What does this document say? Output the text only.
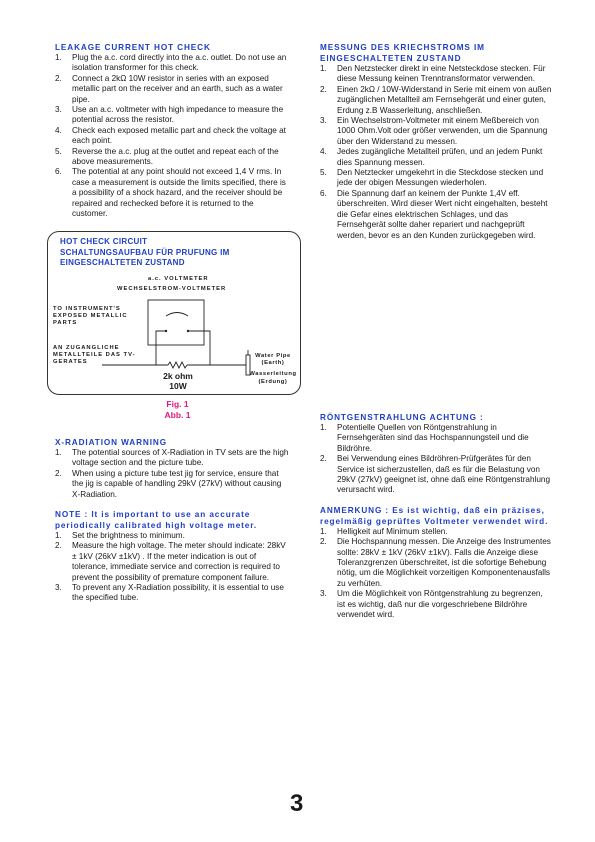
LEAKAGE CURRENT HOT CHECK

1. Plug the a.c. cord directly into the a.c. outlet. Do not use an isolation transformer for this check.
2. Connect a 2kΩ 10W resistor in series with an exposed metallic part on the receiver and an earth, such as a water pipe.
3. Use an a.c. voltmeter with high impedance to measure the potential across the resistor.
4. Check each exposed metallic part and check the voltage at each point.
5. Reverse the a.c. plug at the outlet and repeat each of the above measurements.
6. The potential at any point should not exceed 1,4 V rms. In case a measurement is outside the limits specified, there is a possibility of a shock hazard, and the receiver should be repaired and rechecked before it is returned to the customer.

HOT CHECK CIRCUIT

SCHALTUNGSAUFBAU FÜR PRUFUNG IM EINGESCHALTETEN ZUSTAND

a.c. VOLTMETER
WECHSELSTROM-VOLTMETER
TO INSTRUMENT'S EXPOSED METALLIC PARTS
AN ZUGANGLICHE METALLTEILE DAS TV-GERATES
2k ohm
10W
Water Pipe
(Earth)
Wasserleitung
(Erdung)
Fig. 1
Abb. 1

X-RADIATION WARNING

1. The potential sources of X-Radiation in TV sets are the high voltage section and the picture tube.
2. When using a picture tube test jig for service, ensure that the jig is capable of handling 29kV (27kV) without causing X-Radiation.

NOTE : It is important to use an accurate periodically calibrated high voltage meter.

1. Set the brightness to minimum.
2. Measure the high voltage. The meter should indicate: 28kV ± 1kV (26kV ±1kV) . If the meter indication is out of tolerance, immediate service and correction is required to prevent the possibility of premature component failure.
3. To prevent any X-Radiation possibility, it is essential to use the specified tube.

MESSUNG DES KRIECHSTROMS IM EINGESCHALTETEN ZUSTAND

1. Den Netzstecker direkt in eine Netsteckdose stecken. Für diese Messung keinen Trenntransformator verwenden.
2. Einen 2kΩ / 10W-Widerstand in Serie mit einem von außen zugänglichen Metallteil am Fernsehgerät und einer guten, Erdung z.B Wasserleitung, anschließen.
3. Ein Wechselstrom-Voltmeter mit einem Meßbereich von 1000 Ohm.Volt oder größer verwenden, um die Spannung über den Widerstand zu messen.
4. Jedes zugängliche Metallteil prüfen, und an jedem Punkt dies Spannung messen.
5. Den Netztecker umgekehrt in die Steckdose stecken und jede der obigen Messungen wiederholen.
6. Die Spannung darf an keinem der Punkte 1,4V eff. überschreiten. Wird dieser Wert nicht eingehalten, besteht die Gefar eines elektrischen Schlages, und das Fernsehgerät sollte daher repariert und nachgeprüft werden, bevor es an den Kunden zurückgegeben wird.

RÖNTGENSTRAHLUNG ACHTUNG :

1. Potentielle Quellen von Röntgenstrahlung in Fernsehgeräten sind das Hochspannungsteil und die Bildröhre.
2. Bei Verwendung eines Bildröhren-Prüfgerätes für den Service ist sicherzustellen, daß es für die Belastung von 29kV (27kV) geeignet ist, ohne daß eine Röntgenstrahlung verursacht wird.

ANMERKUNG : Es ist wichtig, daß ein präzises, regelmäßig geprüftes Voltmeter verwendet wird.

1. Helligkeit auf Minimum stellen.
2. Die Hochspannung messen. Die Anzeige des Instrumentes sollte: 28kV ± 1kV (26kV ±1kV). Falls die Anzeige diese Toleranzgrenzen überschreitet, ist die sofortige Behebung nötig, um die Möglichkeit vorzeitigen Komponentenausfalls zu verhüten.
3. Um die Möglichkeit von Röntgenstrahlung zu begrenzen, ist es wichtig, daß nur die vorgeschriebene Bildröhre verwendet wird.
3
